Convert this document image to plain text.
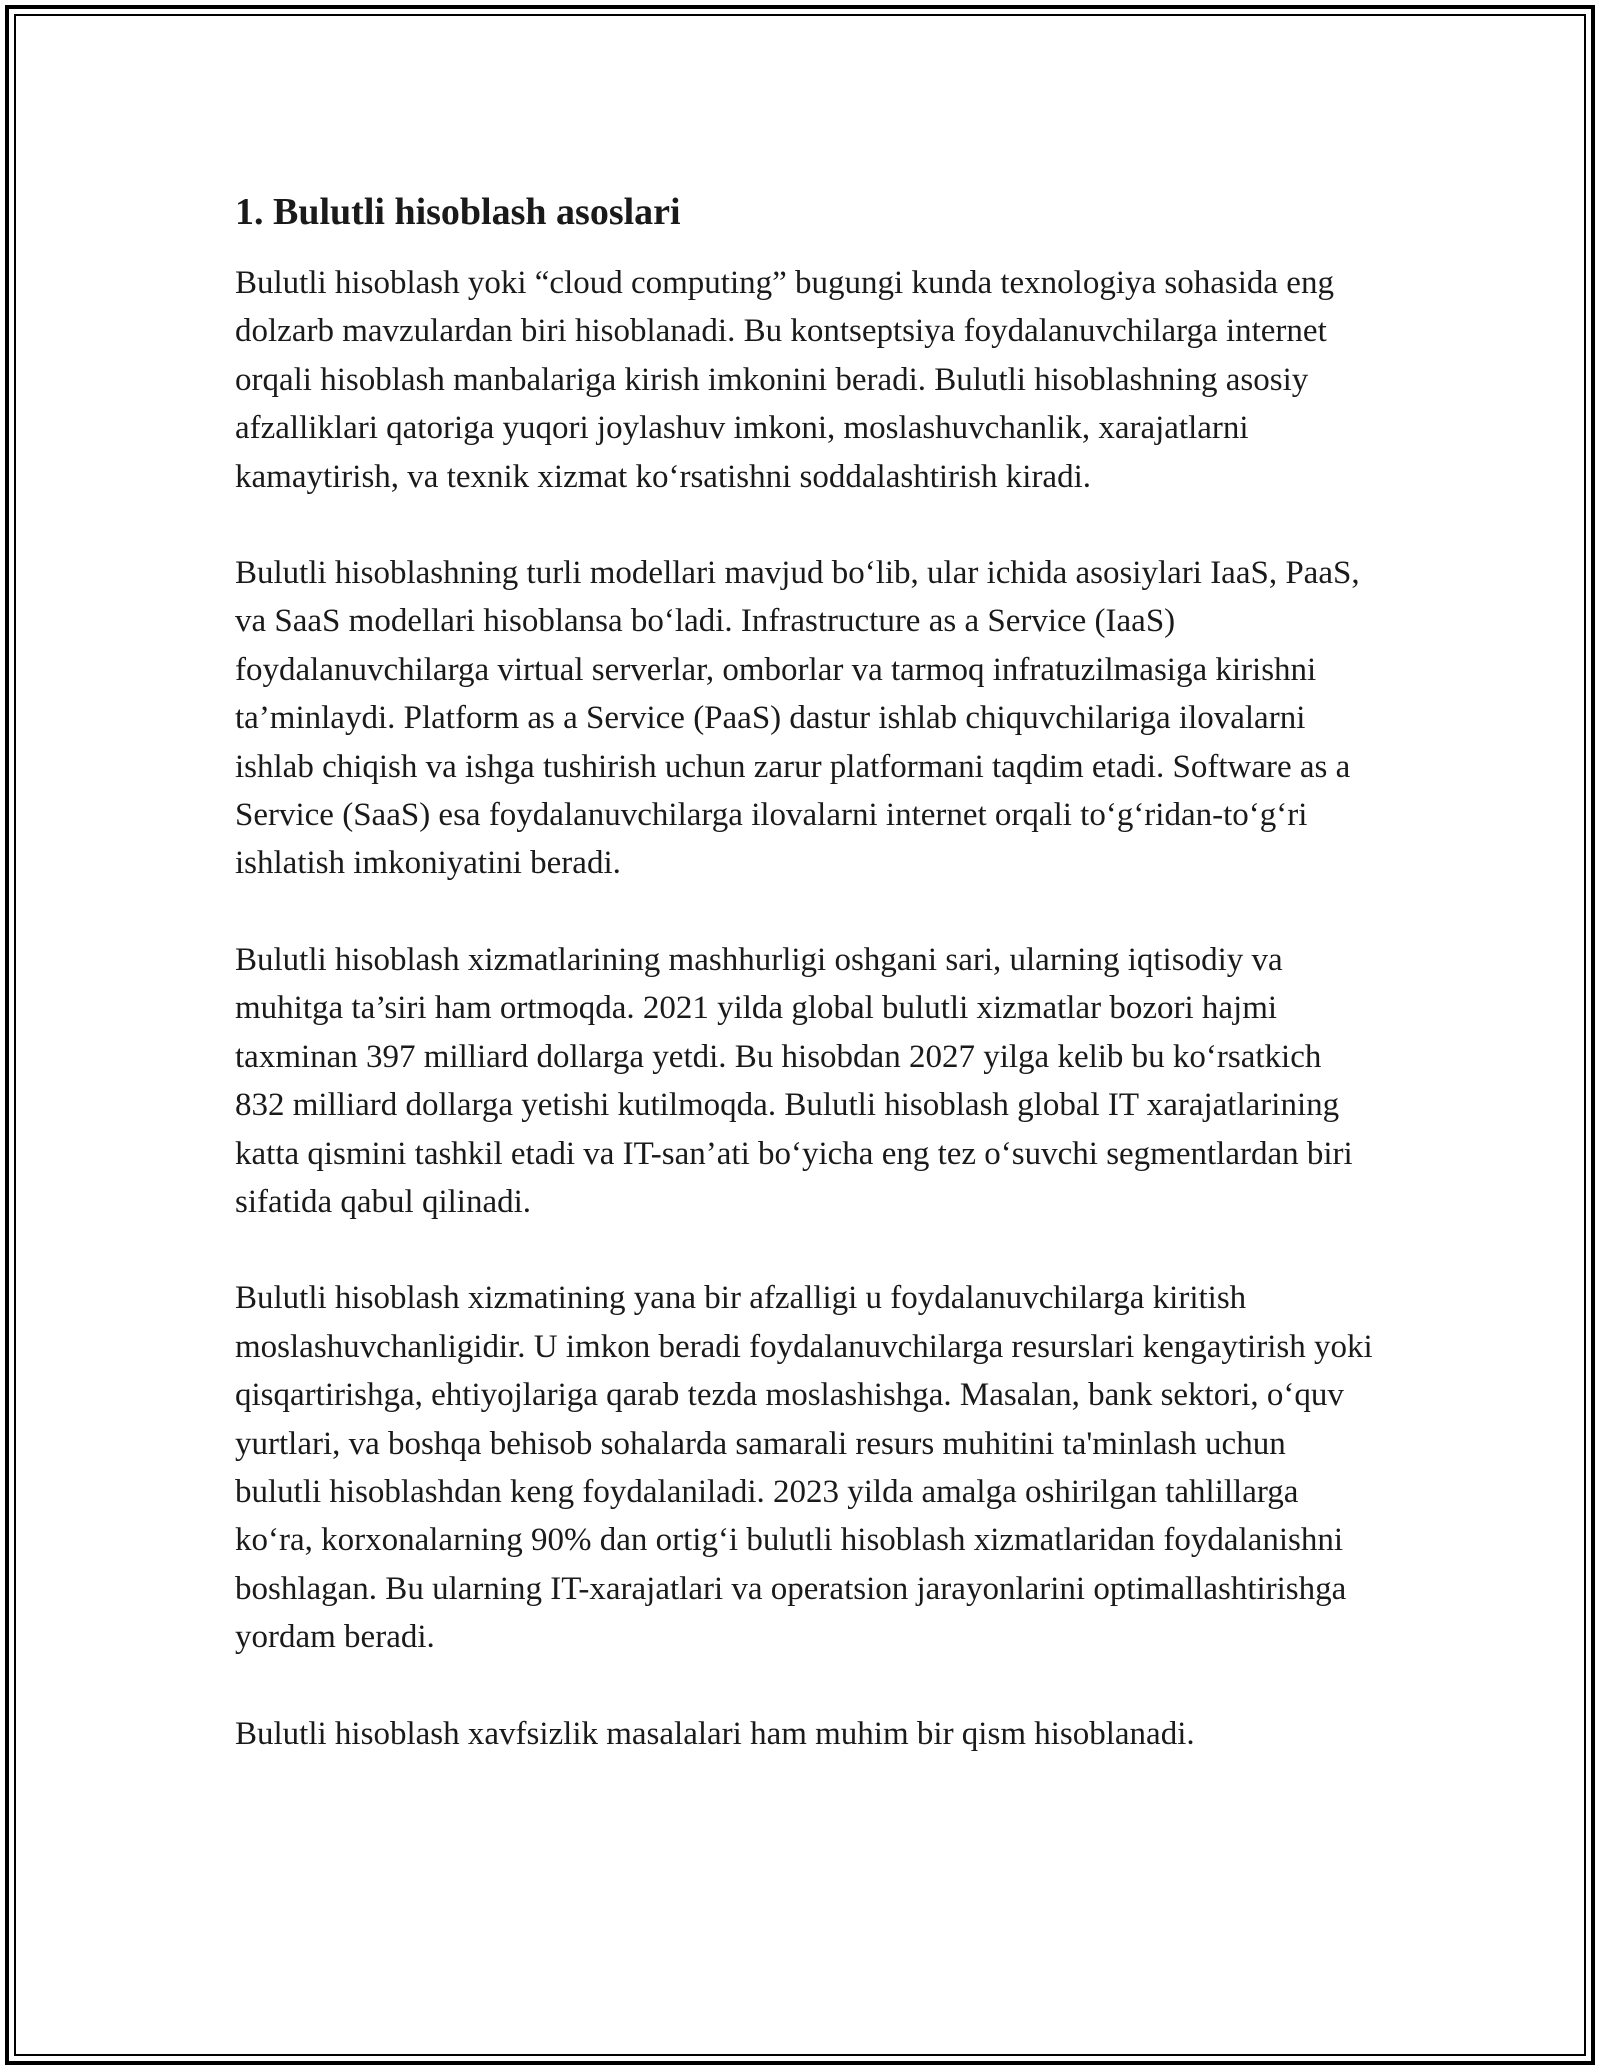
1. Bulutli hisoblash asoslari

Bulutli hisoblash yoki “cloud computing” bugungi kunda texnologiya sohasida eng dolzarb mavzulardan biri hisoblanadi. Bu kontseptsiya foydalanuvchilarga internet orqali hisoblash manbalariga kirish imkonini beradi. Bulutli hisoblashning asosiy afzalliklari qatoriga yuqori joylashuv imkoni, moslashuvchanlik, xarajatlarni kamaytirish, va texnik xizmat ko‘rsatishni soddalashtirish kiradi.

Bulutli hisoblashning turli modellari mavjud bo‘lib, ular ichida asosiylari IaaS, PaaS, va SaaS modellari hisoblansa bo‘ladi. Infrastructure as a Service (IaaS) foydalanuvchilarga virtual serverlar, omborlar va tarmoq infratuzilmasiga kirishni ta’minlaydi. Platform as a Service (PaaS) dastur ishlab chiquvchilariga ilovalarni ishlab chiqish va ishga tushirish uchun zarur platformani taqdim etadi. Software as a Service (SaaS) esa foydalanuvchilarga ilovalarni internet orqali to‘g‘ridan-to‘g‘ri ishlatish imkoniyatini beradi.

Bulutli hisoblash xizmatlarining mashhurligi oshgani sari, ularning iqtisodiy va muhitga ta’siri ham ortmoqda. 2021 yilda global bulutli xizmatlar bozori hajmi taxminan 397 milliard dollarga yetdi. Bu hisobdan 2027 yilga kelib bu ko‘rsatkich 832 milliard dollarga yetishi kutilmoqda. Bulutli hisoblash global IT xarajatlarining katta qismini tashkil etadi va IT-san’ati bo‘yicha eng tez o‘suvchi segmentlardan biri sifatida qabul qilinadi.

Bulutli hisoblash xizmatining yana bir afzalligi u foydalanuvchilarga kiritish moslashuvchanligidir. U imkon beradi foydalanuvchilarga resurslari kengaytirish yoki qisqartirishga, ehtiyojlariga qarab tezda moslashishga. Masalan, bank sektori, o‘quv yurtlari, va boshqa behisob sohalarda samarali resurs muhitini ta'minlash uchun bulutli hisoblashdan keng foydalaniladi. 2023 yilda amalga oshirilgan tahlillarga ko‘ra, korxonalarning 90% dan ortig‘i bulutli hisoblash xizmatlaridan foydalanishni boshlagan. Bu ularning IT-xarajatlari va operatsion jarayonlarini optimallashtirishga yordam beradi.

Bulutli hisoblash xavfsizlik masalalari ham muhim bir qism hisoblanadi.
